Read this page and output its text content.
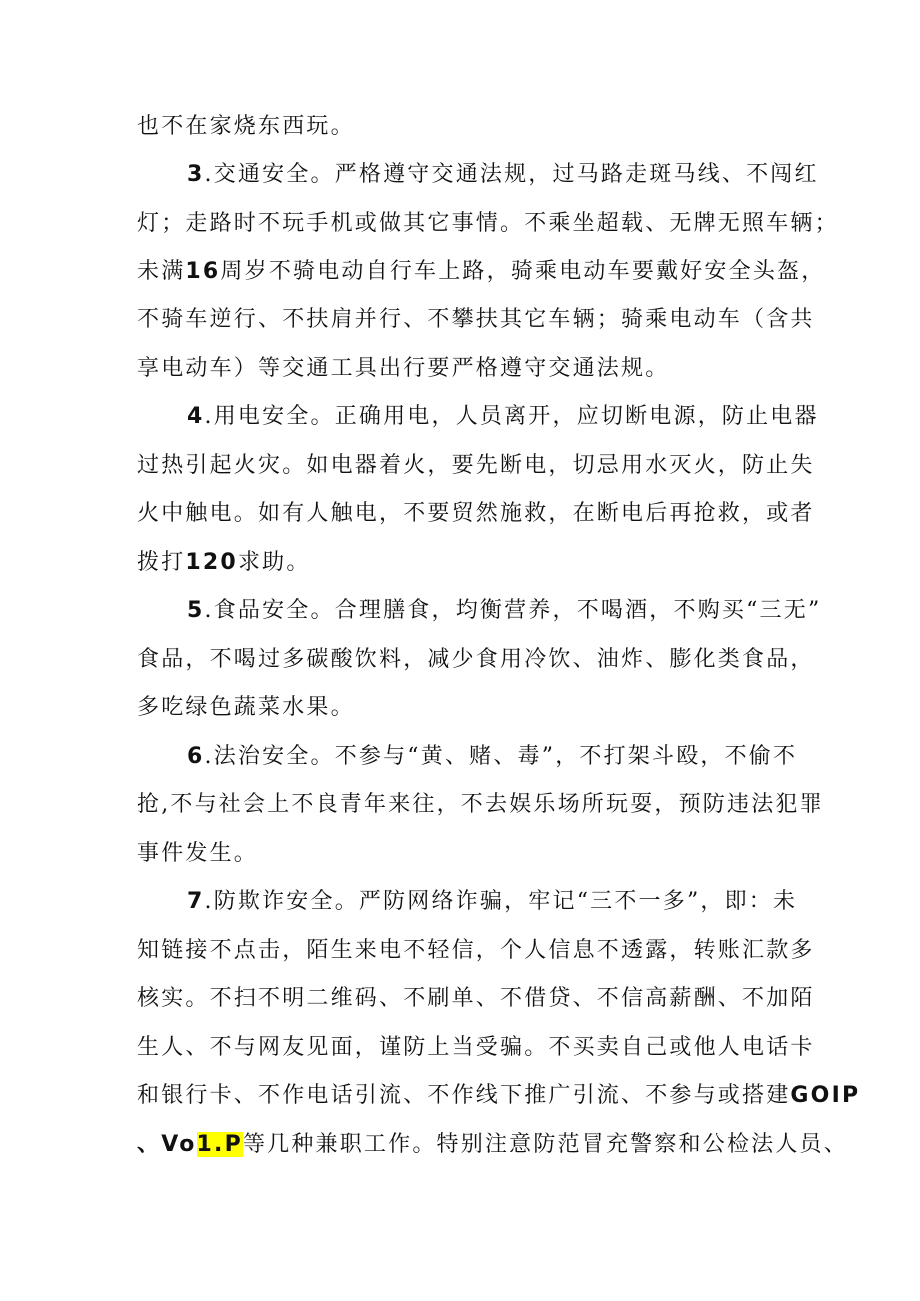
也不在家烧东西玩。
3.交通安全。严格遵守交通法规，过马路走斑马线、不闯红
灯；走路时不玩手机或做其它事情。不乘坐超载、无牌无照车辆；
未满16周岁不骑电动自行车上路，骑乘电动车要戴好安全头盔，
不骑车逆行、不扶肩并行、不攀扶其它车辆；骑乘电动车（含共
享电动车）等交通工具出行要严格遵守交通法规。
4.用电安全。正确用电，人员离开，应切断电源，防止电器
过热引起火灾。如电器着火，要先断电，切忌用水灭火，防止失
火中触电。如有人触电，不要贸然施救，在断电后再抢救，或者
拨打120求助。
5.食品安全。合理膳食，均衡营养，不喝酒，不购买“三无”
食品，不喝过多碳酸饮料，减少食用冷饮、油炸、膨化类食品，
多吃绿色蔬菜水果。
6.法治安全。不参与“黄、赌、毒”，不打架斗殴，不偷不
抢,不与社会上不良青年来往，不去娱乐场所玩耍，预防违法犯罪
事件发生。
7.防欺诈安全。严防网络诈骗，牢记“三不一多”，即：未
知链接不点击，陌生来电不轻信，个人信息不透露，转账汇款多
核实。不扫不明二维码、不刷单、不借贷、不信高薪酬、不加陌
生人、不与网友见面，谨防上当受骗。不买卖自己或他人电话卡
和银行卡、不作电话引流、不作线下推广引流、不参与或搭建GOIP
、Vo1.P等几种兼职工作。特别注意防范冒充警察和公检法人员、
